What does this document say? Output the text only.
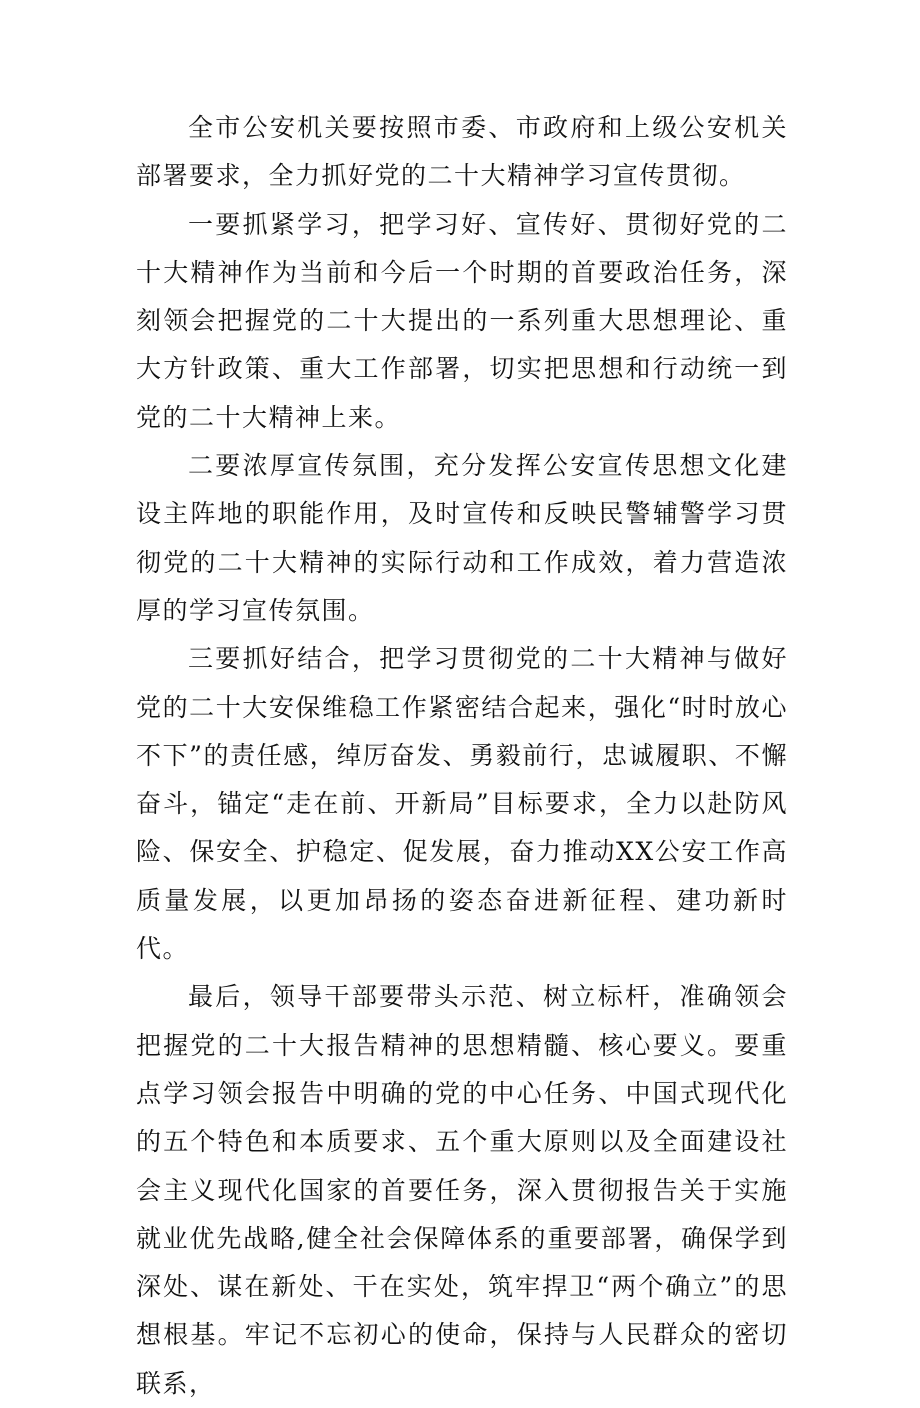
全市公安机关要按照市委、市政府和上级公安机关部署要求，全力抓好党的二十大精神学习宣传贯彻。

一要抓紧学习，把学习好、宣传好、贯彻好党的二十大精神作为当前和今后一个时期的首要政治任务，深刻领会把握党的二十大提出的一系列重大思想理论、重大方针政策、重大工作部署，切实把思想和行动统一到党的二十大精神上来。

二要浓厚宣传氛围，充分发挥公安宣传思想文化建设主阵地的职能作用，及时宣传和反映民警辅警学习贯彻党的二十大精神的实际行动和工作成效，着力营造浓厚的学习宣传氛围。

三要抓好结合，把学习贯彻党的二十大精神与做好党的二十大安保维稳工作紧密结合起来，强化“时时放心不下”的责任感，绰厉奋发、勇毅前行，忠诚履职、不懈奋斗，锚定“走在前、开新局”目标要求，全力以赴防风险、保安全、护稳定、促发展，奋力推动XX公安工作高质量发展，以更加昂扬的姿态奋进新征程、建功新时代。

最后，领导干部要带头示范、树立标杆，准确领会把握党的二十大报告精神的思想精髓、核心要义。要重点学习领会报告中明确的党的中心任务、中国式现代化的五个特色和本质要求、五个重大原则以及全面建设社会主义现代化国家的首要任务，深入贯彻报告关于实施就业优先战略,健全社会保障体系的重要部署，确保学到深处、谋在新处、干在实处，筑牢捍卫“两个确立”的思想根基。牢记不忘初心的使命，保持与人民群众的密切联系，
